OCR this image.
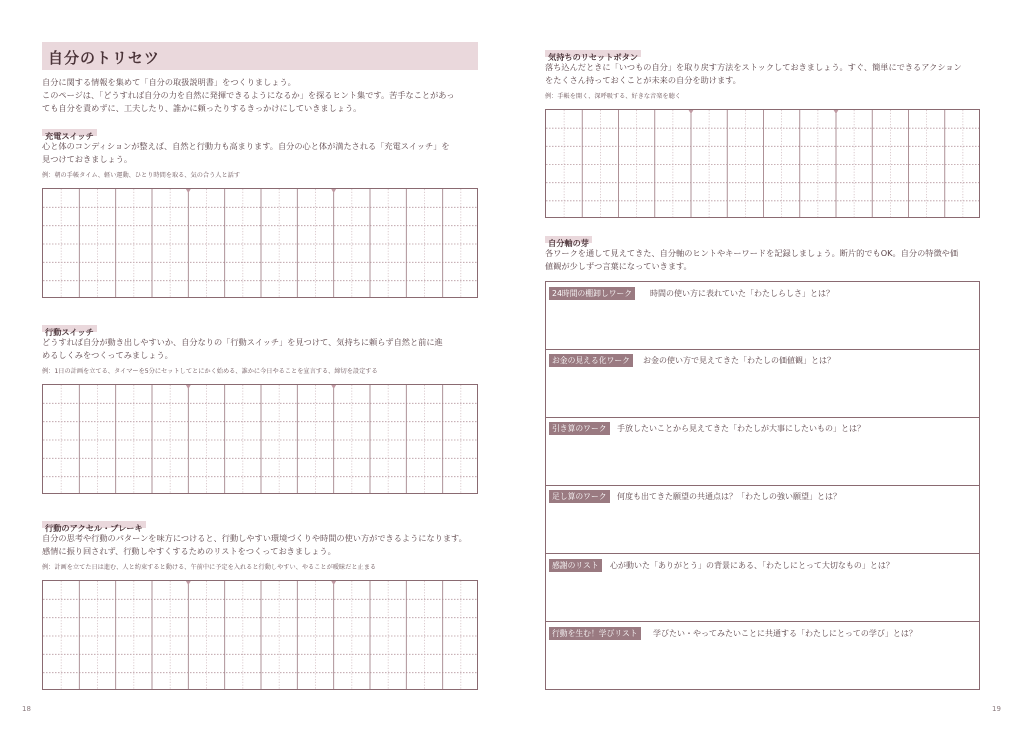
自分のトリセツ
自分に関する情報を集めて「自分の取扱説明書」をつくりましょう。
このページは、「どうすれば自分の力を自然に発揮できるようになるか」を探るヒント集です。苦手なことがあっ
ても自分を責めずに、工夫したり、誰かに頼ったりするきっかけにしていきましょう。
充電スイッチ
心と体のコンディションが整えば、自然と行動力も高まります。自分の心と体が満たされる「充電スイッチ」を
見つけておきましょう。
例：朝の手帳タイム、軽い運動、ひとり時間を取る、気の合う人と話す
行動スイッチ
どうすれば自分が動き出しやすいか、自分なりの「行動スイッチ」を見つけて、気持ちに頼らず自然と前に進
めるしくみをつくってみましょう。
例：1日の計画を立てる、タイマーを5分にセットしてとにかく始める、誰かに今日やることを宣言する、締切を設定する
行動のアクセル・ブレーキ
自分の思考や行動のパターンを味方につけると、行動しやすい環境づくりや時間の使い方ができるようになります。
感情に振り回されず、行動しやすくするためのリストをつくっておきましょう。
例：計画を立てた日は進む、人と約束すると動ける、午前中に予定を入れると行動しやすい、やることが曖昧だと止まる
18
気持ちのリセットボタン
落ち込んだときに「いつもの自分」を取り戻す方法をストックしておきましょう。すぐ、簡単にできるアクション
をたくさん持っておくことが未来の自分を助けます。
例：手帳を開く、深呼吸する、好きな音楽を聴く
自分軸の芽
各ワークを通して見えてきた、自分軸のヒントやキーワードを記録しましょう。断片的でもOK。自分の特徴や価
値観が少しずつ言葉になっていきます。
24時間の棚卸しワーク	時間の使い方に表れていた「わたしらしさ」とは？
お金の見える化ワーク	お金の使い方で見えてきた「わたしの価値観」とは？
引き算のワーク	手放したいことから見えてきた「わたしが大事にしたいもの」とは？
足し算のワーク	何度も出てきた願望の共通点は？「わたしの強い願望」とは？
感謝のリスト	心が動いた「ありがとう」の背景にある、「わたしにとって大切なもの」とは？
行動を生む！学びリスト	学びたい・やってみたいことに共通する「わたしにとっての学び」とは？
19
